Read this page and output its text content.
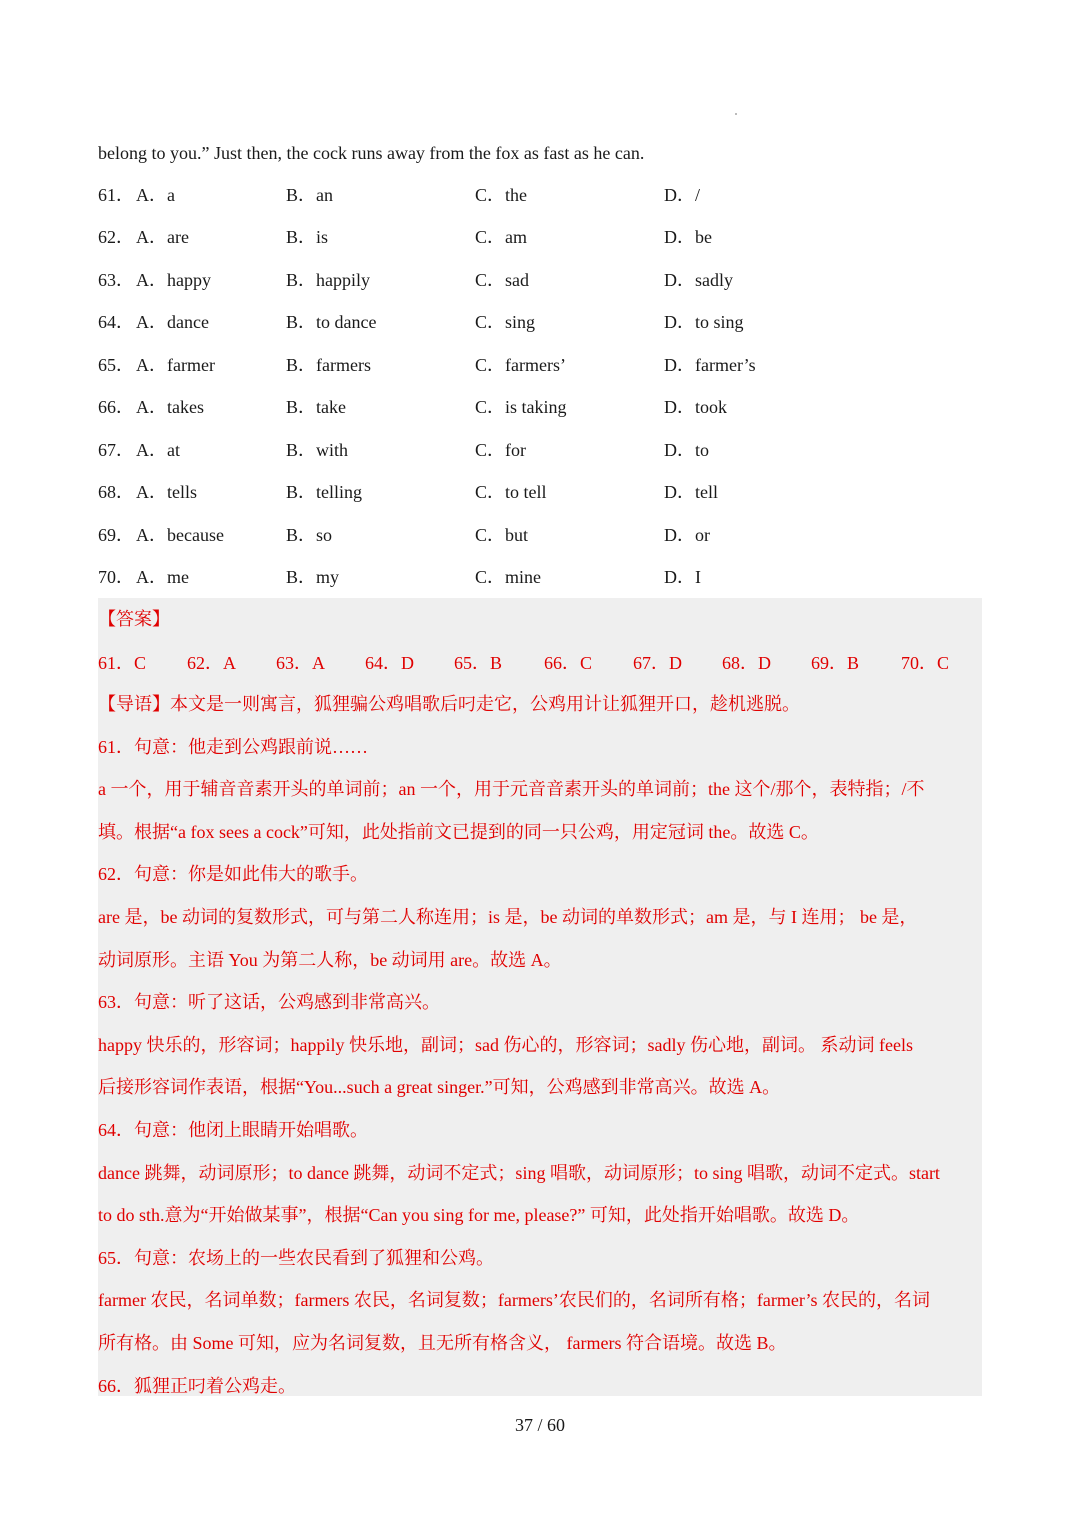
belong to you.” Just then, the cock runs away from the fox as fast as he can.
61． A．a	B．an	C．the	D．/
62． A．are	B．is	C．am	D．be
63． A．happy	B．happily	C．sad	D．sadly
64． A．dance	B．to dance	C．sing	D．to sing
65． A．farmer	B．farmers	C．farmers’	D．farmer’s
66． A．takes	B．take	C．is taking	D．took
67． A．at	B．with	C．for	D．to
68． A．tells	B．telling	C．to tell	D．tell
69． A．because	B．so	C．but	D．or
70． A．me	B．my	C．mine	D．I
【答案】
61．C 62．A 63．A 64．D 65．B 66．C 67．D 68．D 69．B 70．C
【导语】本文是一则寓言，狐狸骗公鸡唱歌后叼走它，公鸡用计让狐狸开口，趁机逃脱。
61．句意：他走到公鸡跟前说……
a 一个，用于辅音音素开头的单词前；an 一个，用于元音音素开头的单词前；the 这个/那个，表特指；/不
填。根据“a fox sees a cock”可知，此处指前文已提到的同一只公鸡，用定冠词 the。故选 C。
62．句意：你是如此伟大的歌手。
are 是，be 动词的复数形式，可与第二人称连用；is 是，be 动词的单数形式；am 是，与 I 连用； be 是，
动词原形。主语 You 为第二人称，be 动词用 are。故选 A。
63．句意：听了这话，公鸡感到非常高兴。
happy 快乐的，形容词；happily 快乐地，副词；sad 伤心的，形容词；sadly 伤心地，副词。 系动词 feels
后接形容词作表语，根据“You...such a great singer.”可知，公鸡感到非常高兴。故选 A。
64．句意：他闭上眼睛开始唱歌。
dance 跳舞，动词原形；to dance 跳舞，动词不定式；sing 唱歌，动词原形；to sing 唱歌，动词不定式。start
to do sth.意为“开始做某事”，根据“Can you sing for me, please?” 可知，此处指开始唱歌。故选 D。
65．句意：农场上的一些农民看到了狐狸和公鸡。
farmer 农民，名词单数；farmers 农民，名词复数；farmers’农民们的，名词所有格；farmer’s 农民的，名词
所有格。由 Some 可知，应为名词复数，且无所有格含义， farmers 符合语境。故选 B。
66．狐狸正叼着公鸡走。
37 / 60
